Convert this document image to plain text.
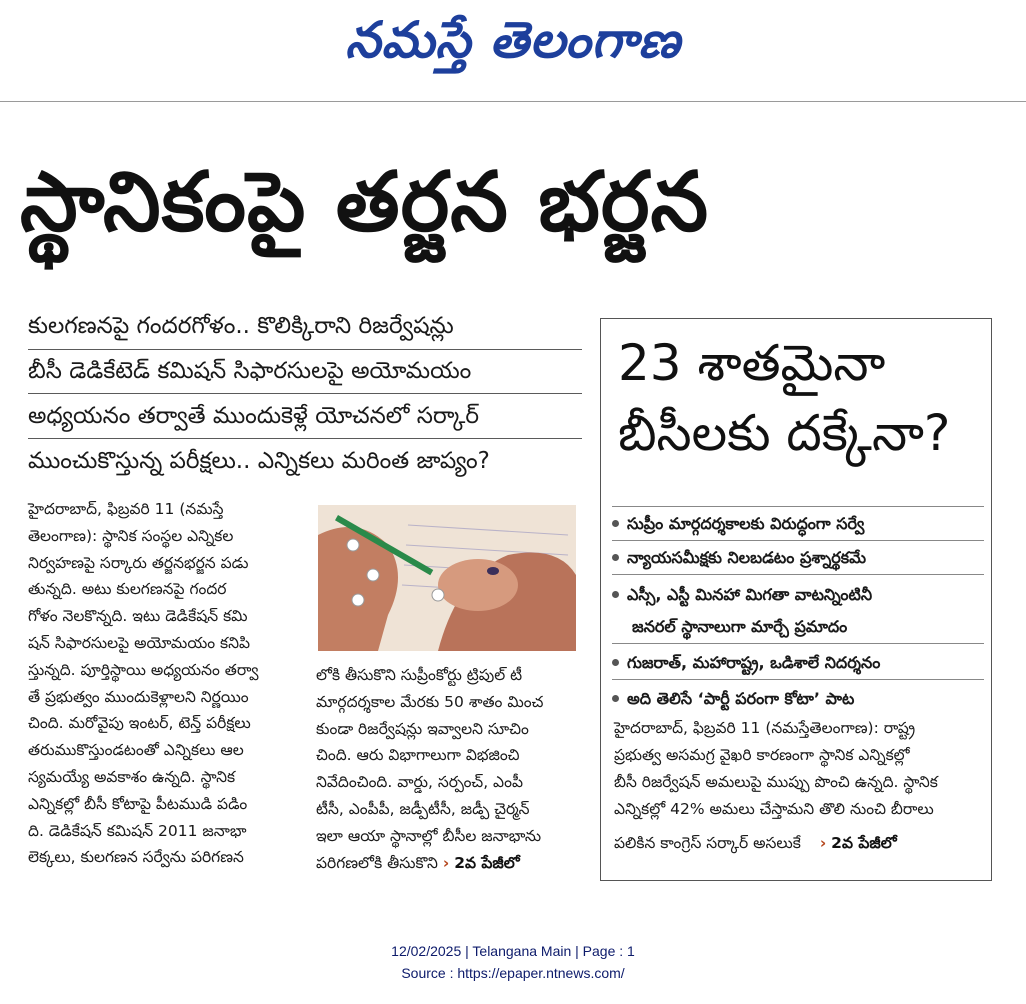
నమస్తే తెలంగాణ
స్థానికంపై తర్జన భర్జన
కులగణనపై గందరగోళం.. కొలిక్కిరాని రిజర్వేషన్లు
బీసీ డెడికేటెడ్ కమిషన్ సిఫారసులపై అయోమయం
అధ్యయనం తర్వాతే ముందుకెళ్లే యోచనలో సర్కార్
ముంచుకొస్తున్న పరీక్షలు.. ఎన్నికలు మరింత జాప్యం?
హైదరాబాద్, ఫిబ్రవరి 11 (నమస్తే
తెలంగాణ): స్థానిక సంస్థల ఎన్నికల
నిర్వహణపై సర్కారు తర్జనభర్జన పడు
తున్నది. అటు కులగణనపై గందర
గోళం నెలకొన్నది. ఇటు డెడికేషన్ కమి
షన్ సిఫారసులపై అయోమయం కనిపి
స్తున్నది. పూర్తిస్థాయి అధ్యయనం తర్వా
తే ప్రభుత్వం ముందుకెళ్లాలని నిర్ణయిం
చింది. మరోవైపు ఇంటర్, టెన్త్ పరీక్షలు
తరుముకొస్తుండటంతో ఎన్నికలు ఆల
స్యమయ్యే అవకాశం ఉన్నది. స్థానిక
ఎన్నికల్లో బీసీ కోటాపై పీటముడి పడిం
ది. డెడికేషన్ కమిషన్ 2011 జనాభా
లెక్కలు, కులగణన సర్వేను పరిగణన
లోకి తీసుకొని సుప్రీంకోర్టు ట్రిపుల్ టీ
మార్గదర్శకాల మేరకు 50 శాతం మించ
కుండా రిజర్వేషన్లు ఇవ్వాలని సూచిం
చింది. ఆరు విభాగాలుగా విభజించి
నివేదించింది. వార్డు, సర్పంచ్, ఎంపీ
టీసీ, ఎంపీపీ, జడ్పీటీసీ, జడ్పీ చైర్మన్
ఇలా ఆయా స్థానాల్లో బీసీల జనాభాను
పరిగణలోకి తీసుకొని › 2వ పేజీలో
23 శాతమైనా
బీసీలకు దక్కేనా?
సుప్రీం మార్గదర్శకాలకు విరుద్ధంగా సర్వే
న్యాయసమీక్షకు నిలబడటం ప్రశ్నార్థకమే
ఎస్సీ, ఎస్టీ మినహా మిగతా వాటన్నింటినీ
జనరల్ స్థానాలుగా మార్చే ప్రమాదం
గుజరాత్, మహారాష్ట్ర, ఒడిశాలే నిదర్శనం
అది తెలిసే ‘పార్టీ పరంగా కోటా’ పాట
హైదరాబాద్, ఫిబ్రవరి 11 (నమస్తేతెలంగాణ): రాష్ట్ర
ప్రభుత్వ అసమగ్ర వైఖరి కారణంగా స్థానిక ఎన్నికల్లో
బీసీ రిజర్వేషన్ అమలుపై ముప్పు పొంచి ఉన్నది. స్థానిక
ఎన్నికల్లో 42% అమలు చేస్తామని తొలి నుంచి బీరాలు
పలికిన కాంగ్రెస్ సర్కార్ అసలుకే › 2వ పేజీలో
12/02/2025 | Telangana Main | Page : 1
Source : https://epaper.ntnews.com/
